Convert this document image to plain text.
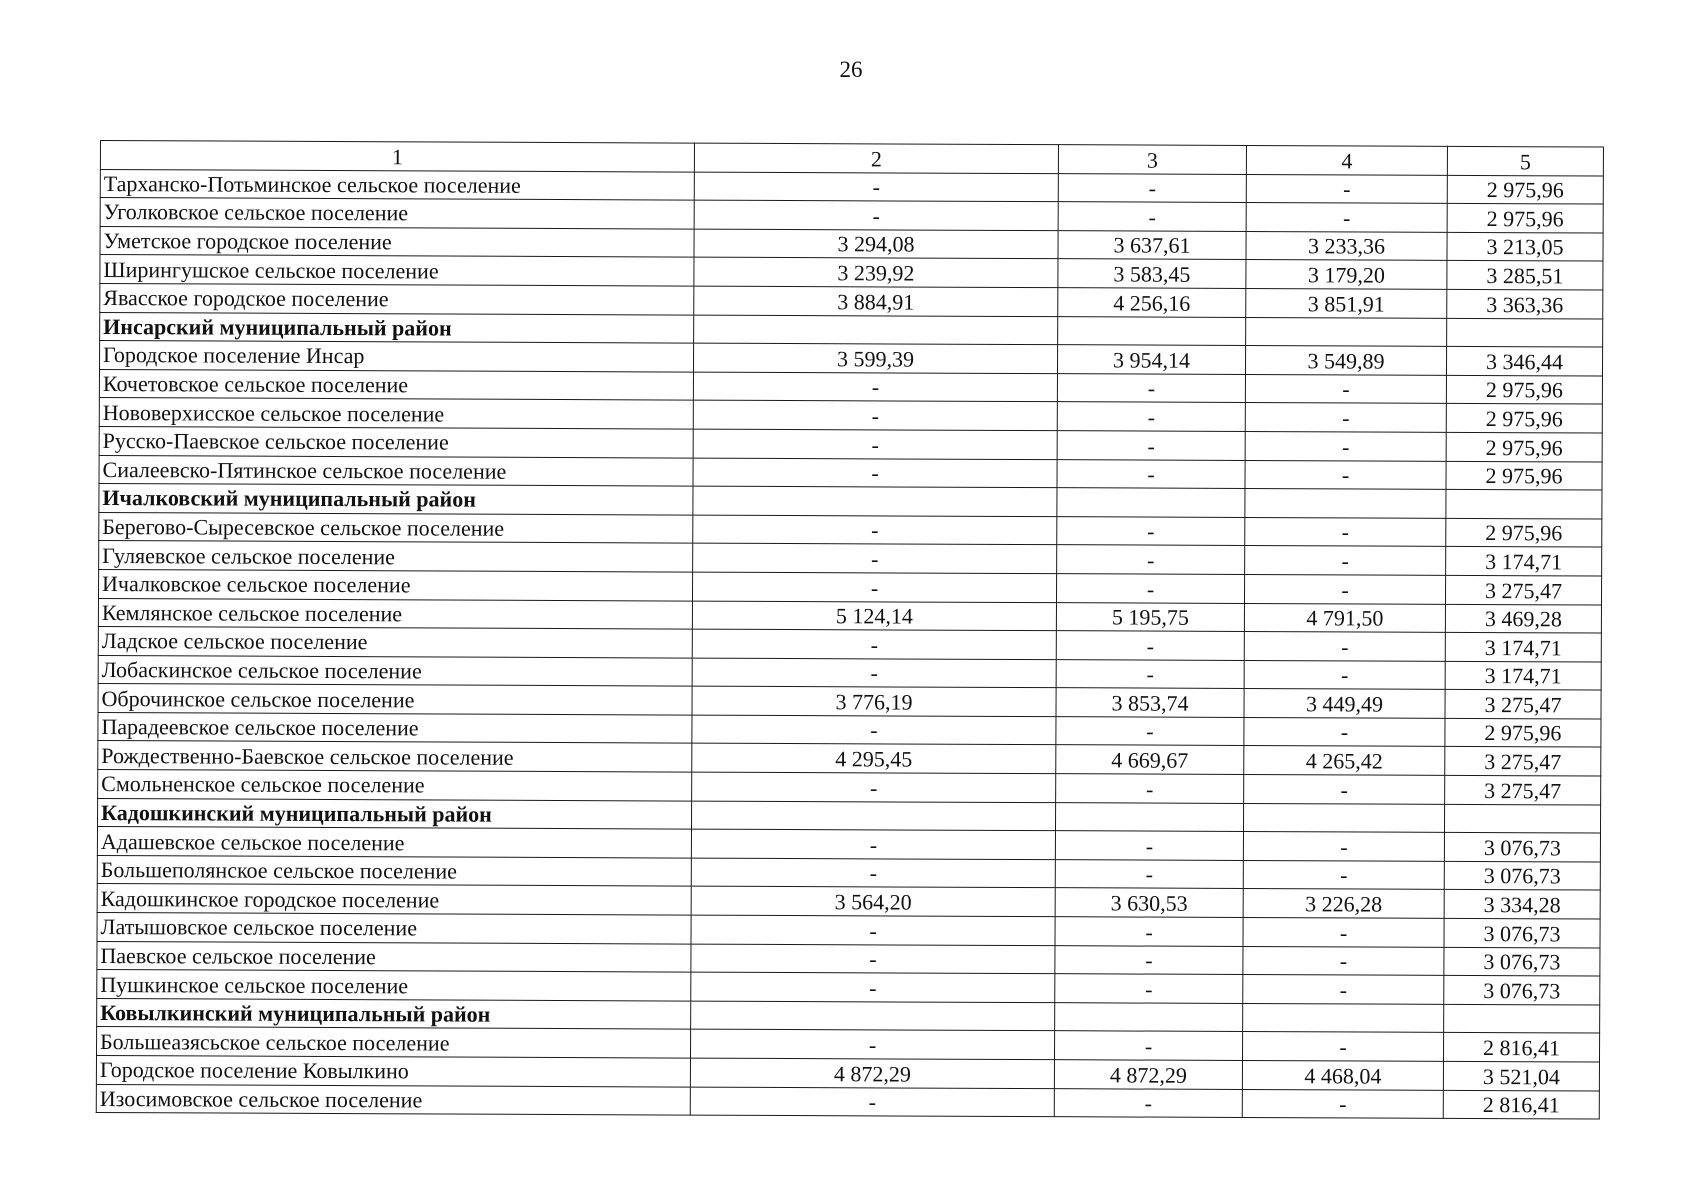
26
1	2	3	4	5
Тарханско-Потьминское сельское поселение	-	-	-	2 975,96
Уголковское сельское поселение	-	-	-	2 975,96
Уметское городское поселение	3 294,08	3 637,61	3 233,36	3 213,05
Ширингушское сельское поселение	3 239,92	3 583,45	3 179,20	3 285,51
Явасское городское поселение	3 884,91	4 256,16	3 851,91	3 363,36
Инсарский муниципальный район				
Городское поселение Инсар	3 599,39	3 954,14	3 549,89	3 346,44
Кочетовское сельское поселение	-	-	-	2 975,96
Нововерхисское сельское поселение	-	-	-	2 975,96
Русско-Паевское сельское поселение	-	-	-	2 975,96
Сиалеевско-Пятинское сельское поселение	-	-	-	2 975,96
Ичалковский муниципальный район				
Берегово-Сыресевское сельское поселение	-	-	-	2 975,96
Гуляевское сельское поселение	-	-	-	3 174,71
Ичалковское сельское поселение	-	-	-	3 275,47
Кемлянское сельское поселение	5 124,14	5 195,75	4 791,50	3 469,28
Ладское сельское поселение	-	-	-	3 174,71
Лобаскинское сельское поселение	-	-	-	3 174,71
Оброчинское сельское поселение	3 776,19	3 853,74	3 449,49	3 275,47
Парадеевское сельское поселение	-	-	-	2 975,96
Рождественно-Баевское сельское поселение	4 295,45	4 669,67	4 265,42	3 275,47
Смольненское сельское поселение	-	-	-	3 275,47
Кадошкинский муниципальный район				
Адашевское сельское поселение	-	-	-	3 076,73
Большеполянское сельское поселение	-	-	-	3 076,73
Кадошкинское городское поселение	3 564,20	3 630,53	3 226,28	3 334,28
Латышовское сельское поселение	-	-	-	3 076,73
Паевское сельское поселение	-	-	-	3 076,73
Пушкинское сельское поселение	-	-	-	3 076,73
Ковылкинский муниципальный район				
Большеазясьское сельское поселение	-	-	-	2 816,41
Городское поселение Ковылкино	4 872,29	4 872,29	4 468,04	3 521,04
Изосимовское сельское поселение	-	-	-	2 816,41
